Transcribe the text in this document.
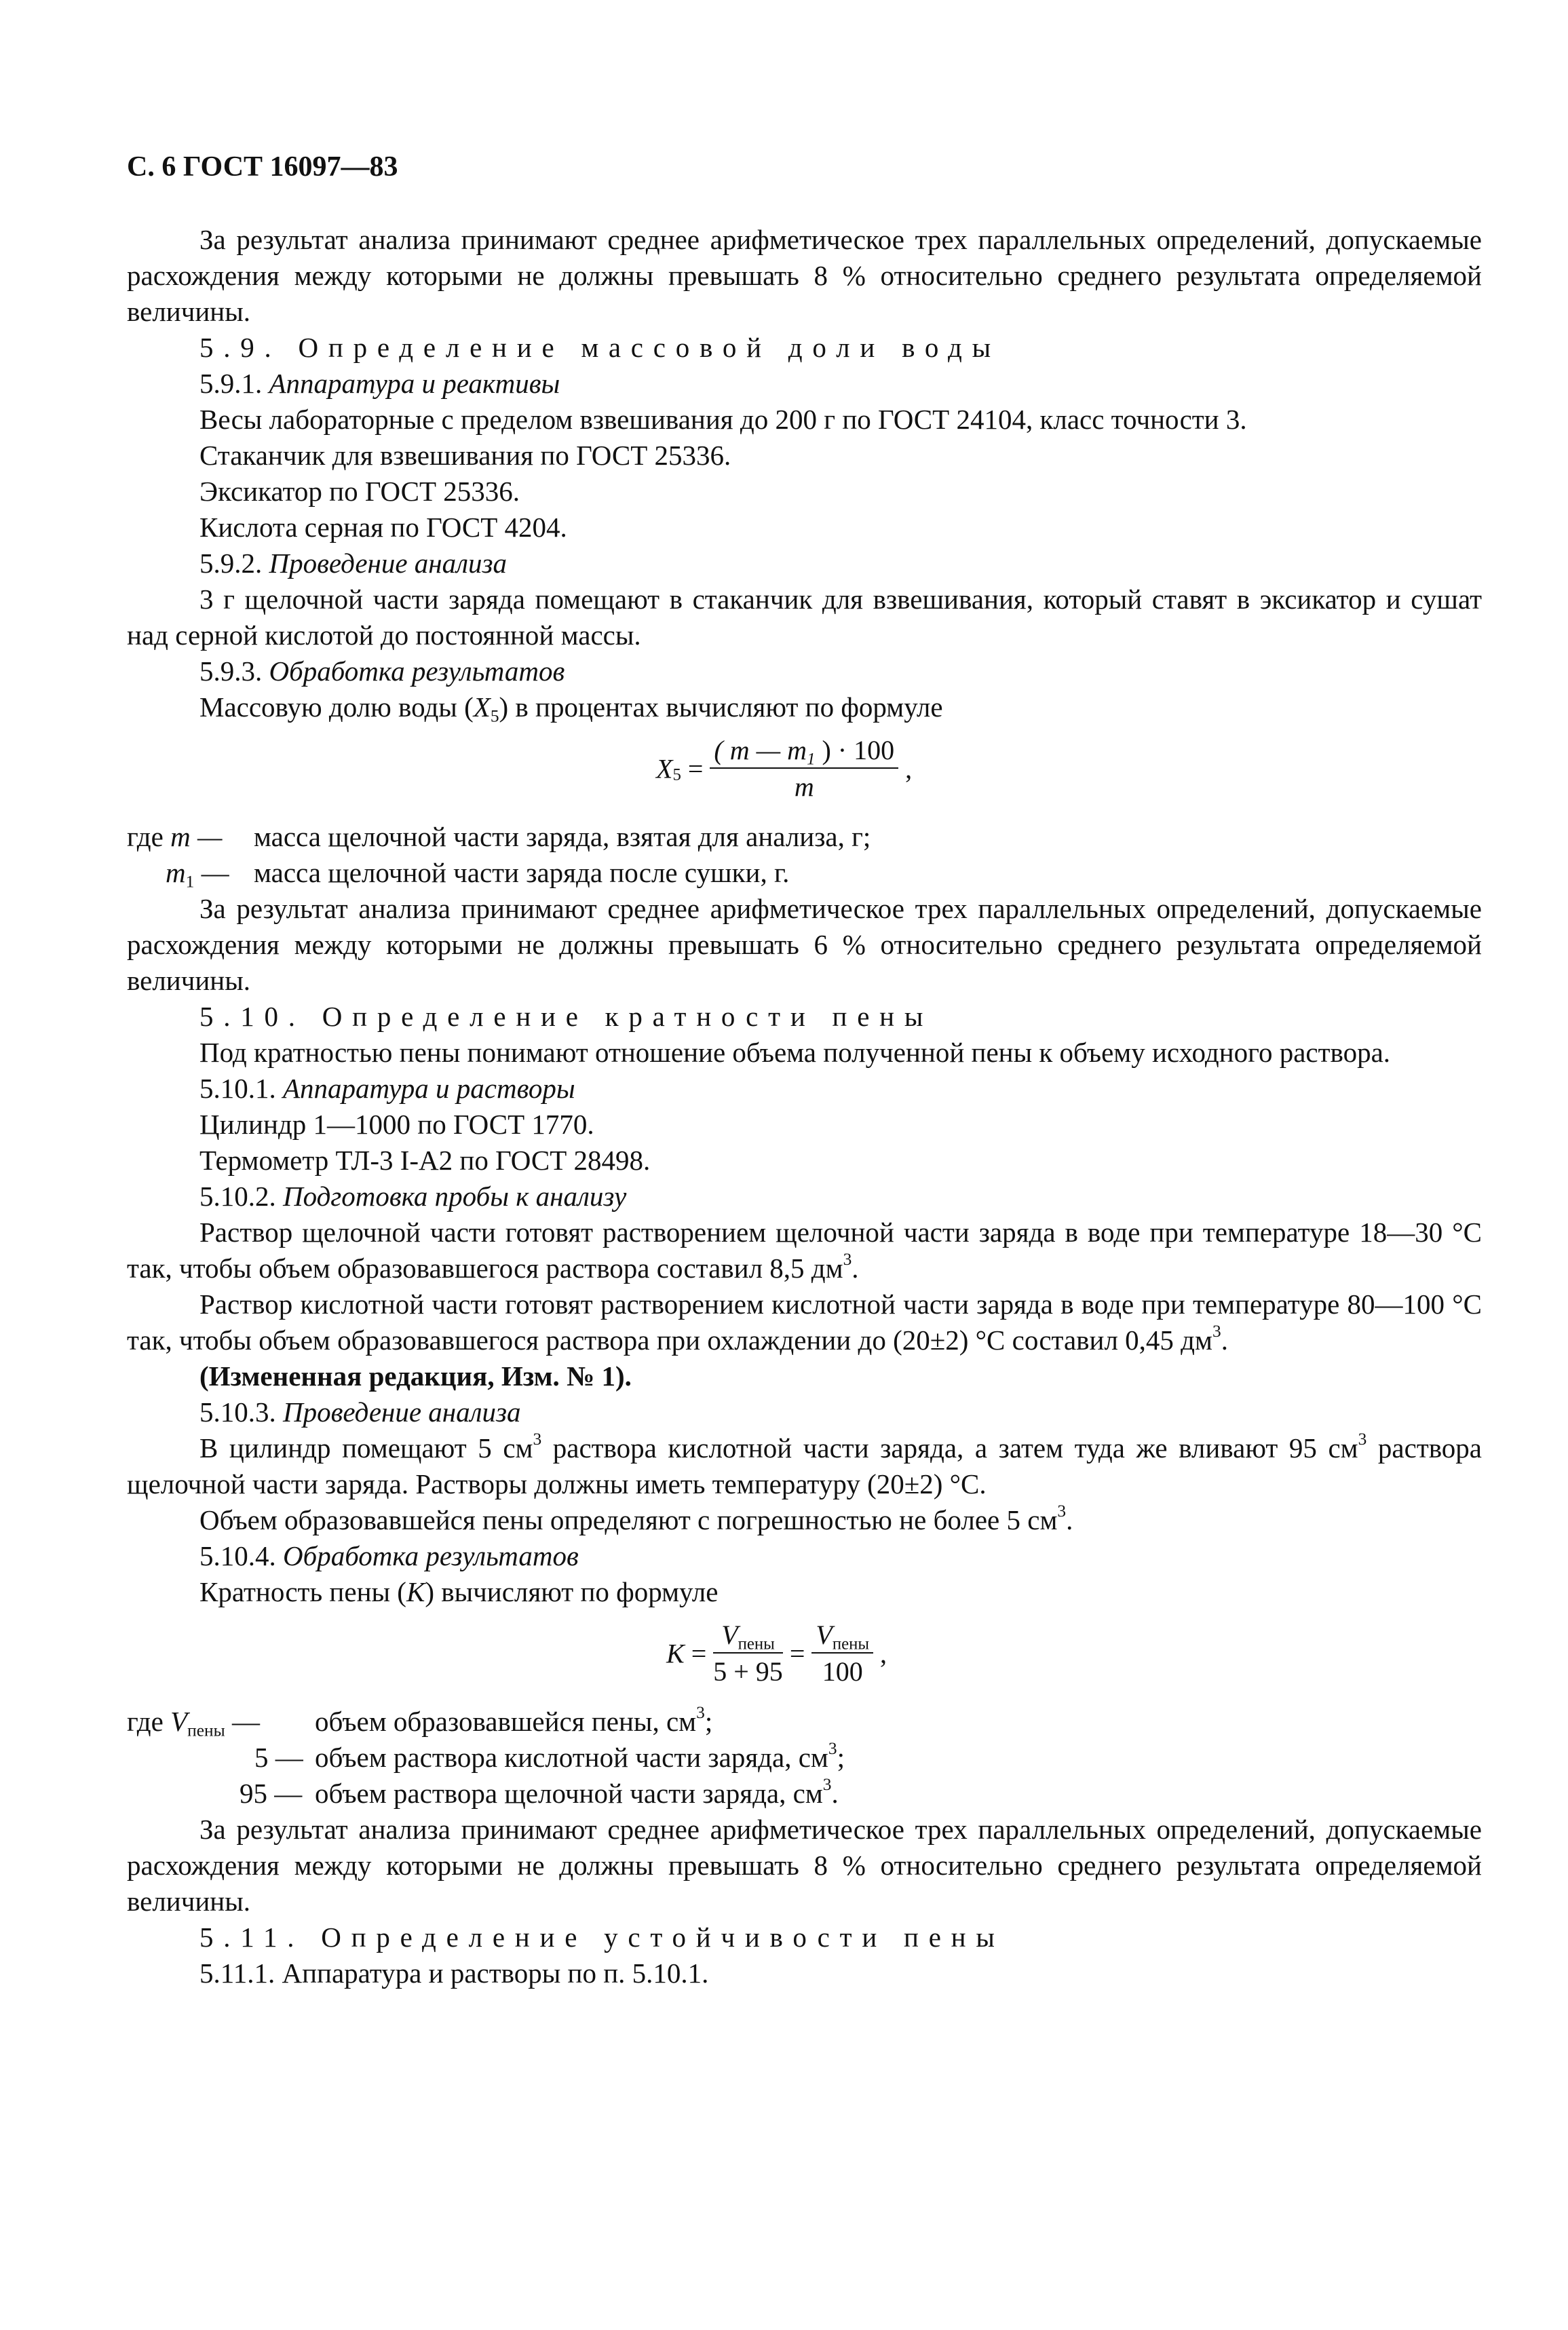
С. 6 ГОСТ 16097—83

За результат анализа принимают среднее арифметическое трех параллельных определений, допускаемые расхождения между которыми не должны превышать 8 % относительно среднего результата определяемой величины.

5.9. Определение массовой доли воды

5.9.1. Аппаратура и реактивы

Весы лабораторные с пределом взвешивания до 200 г по ГОСТ 24104, класс точности 3.

Стаканчик для взвешивания по ГОСТ 25336.

Эксикатор по ГОСТ 25336.

Кислота серная по ГОСТ 4204.

5.9.2. Проведение анализа

3 г щелочной части заряда помещают в стаканчик для взвешивания, который ставят в эксикатор и сушат над серной кислотой до постоянной массы.

5.9.3. Обработка результатов

Массовую долю воды $(X_5)$ в процентах вычисляют по формуле

$X_5 = \frac{( m — m_1 ) \cdot 100}{m}$ ,
где m — масса щелочной части заряда, взятая для анализа, г;
$m_1$ — масса щелочной части заряда после сушки, г.

За результат анализа принимают среднее арифметическое трех параллельных определений, допускаемые расхождения между которыми не должны превышать 6 % относительно среднего результата определяемой величины.

5.10. Определение кратности пены

Под кратностью пены понимают отношение объема полученной пены к объему исходного раствора.

5.10.1. Аппаратура и растворы

Цилиндр 1—1000 по ГОСТ 1770.

Термометр ТЛ-3 I-А2 по ГОСТ 28498.

5.10.2. Подготовка пробы к анализу

Раствор щелочной части готовят растворением щелочной части заряда в воде при температуре 18—30 °С так, чтобы объем образовавшегося раствора составил 8,5 $дм^3$.

Раствор кислотной части готовят растворением кислотной части заряда в воде при температуре 80—100 °С так, чтобы объем образовавшегося раствора при охлаждении до (20±2) °С составил 0,45 $дм^3$.

(Измененная редакция, Изм. № 1).

5.10.3. Проведение анализа

В цилиндр помещают 5 $см^3$ раствора кислотной части заряда, а затем туда же вливают 95 $см^3$ раствора щелочной части заряда. Растворы должны иметь температуру (20±2) °С.

Объем образовавшейся пены определяют с погрешностью не более 5 $см^3$.

5.10.4. Обработка результатов

Кратность пены (K) вычисляют по формуле

$K = \frac{V_{пены}}{5 + 95} = \frac{V_{пены}}{100}$ ,
где $V_{пены}$ — объем образовавшейся пены, $см^3$;
5 — объем раствора кислотной части заряда, $см^3$;
95 — объем раствора щелочной части заряда, $см^3$.

За результат анализа принимают среднее арифметическое трех параллельных определений, допускаемые расхождения между которыми не должны превышать 8 % относительно среднего результата определяемой величины.

5.11. Определение устойчивости пены

5.11.1. Аппаратура и растворы по п. 5.10.1.
